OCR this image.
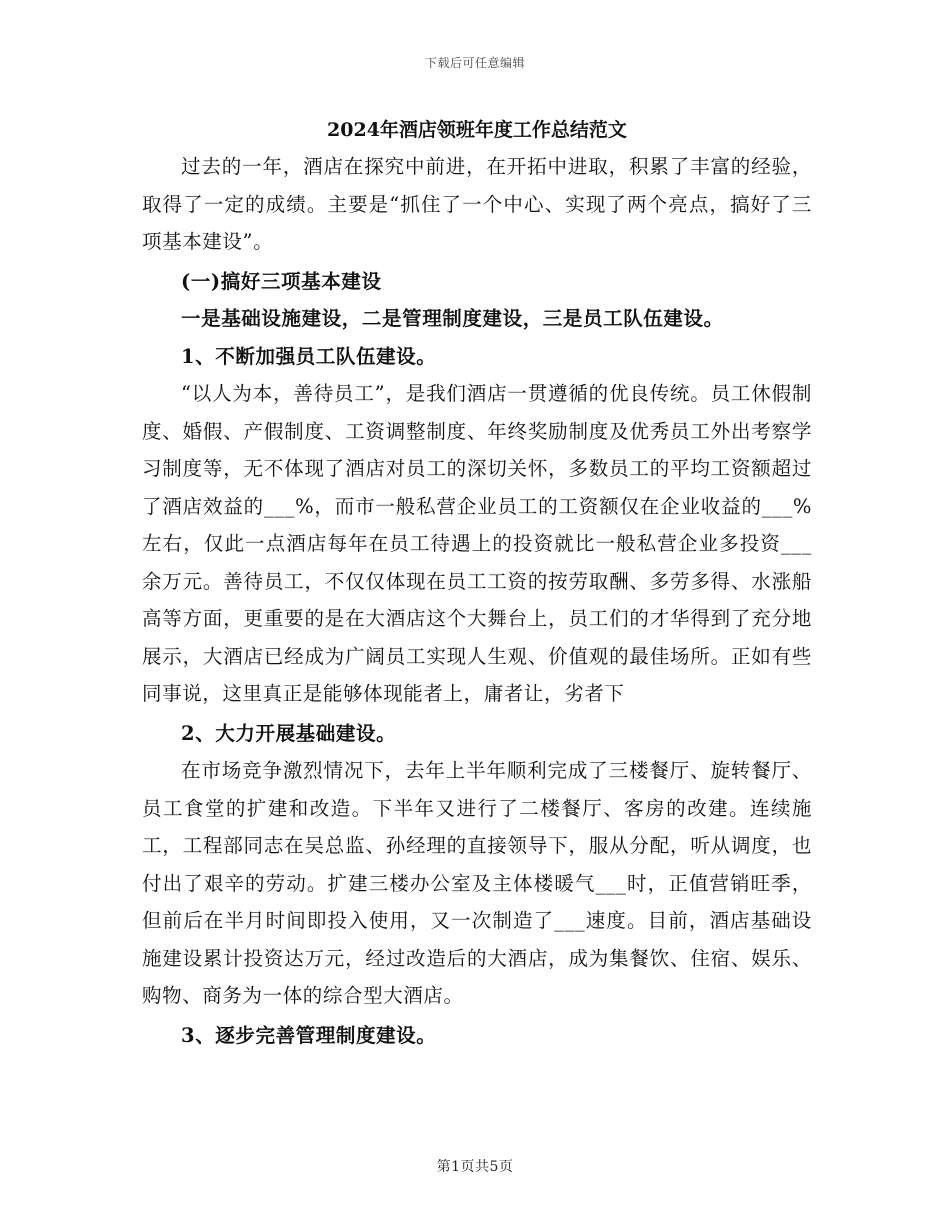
下载后可任意编辑
2024年酒店领班年度工作总结范文

过去的一年，酒店在探究中前进，在开拓中进取，积累了丰富的经验，取得了一定的成绩。主要是“抓住了一个中心、实现了两个亮点，搞好了三项基本建设”。

(一)搞好三项基本建设

一是基础设施建设，二是管理制度建设，三是员工队伍建设。

1、不断加强员工队伍建设。

“以人为本，善待员工”，是我们酒店一贯遵循的优良传统。员工休假制度、婚假、产假制度、工资调整制度、年终奖励制度及优秀员工外出考察学习制度等，无不体现了酒店对员工的深切关怀，多数员工的平均工资额超过了酒店效益的___%，而市一般私营企业员工的工资额仅在企业收益的___%左右，仅此一点酒店每年在员工待遇上的投资就比一般私营企业多投资___余万元。善待员工，不仅仅体现在员工工资的按劳取酬、多劳多得、水涨船高等方面，更重要的是在大酒店这个大舞台上，员工们的才华得到了充分地展示，大酒店已经成为广阔员工实现人生观、价值观的最佳场所。正如有些同事说，这里真正是能够体现能者上，庸者让，劣者下

2、大力开展基础建设。

在市场竞争激烈情况下，去年上半年顺利完成了三楼餐厅、旋转餐厅、员工食堂的扩建和改造。下半年又进行了二楼餐厅、客房的改建。连续施工，工程部同志在吴总监、孙经理的直接领导下，服从分配，听从调度，也付出了艰辛的劳动。扩建三楼办公室及主体楼暖气___时，正值营销旺季，但前后在半月时间即投入使用，又一次制造了___速度。目前，酒店基础设施建设累计投资达万元，经过改造后的大酒店，成为集餐饮、住宿、娱乐、购物、商务为一体的综合型大酒店。

3、逐步完善管理制度建设。

第1页共5页
